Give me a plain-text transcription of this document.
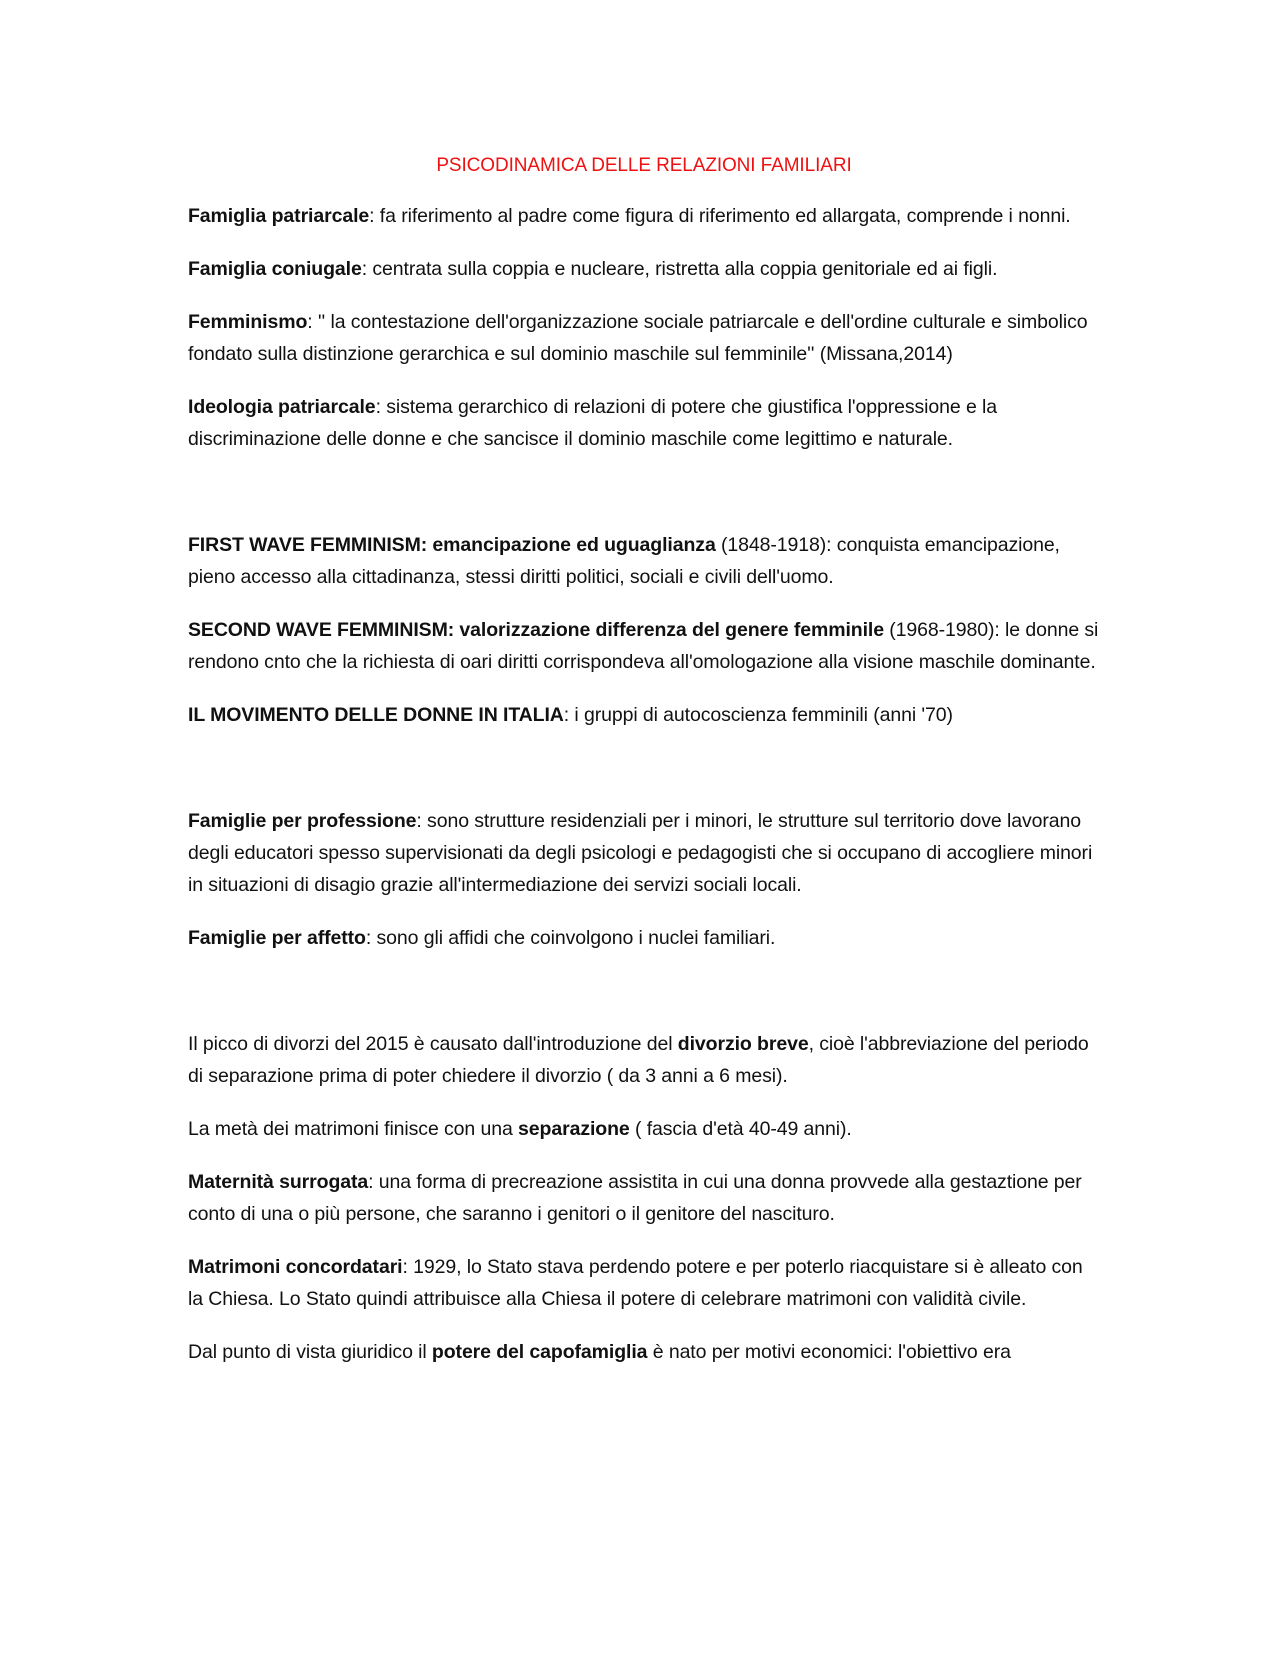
PSICODINAMICA DELLE RELAZIONI FAMILIARI

Famiglia patriarcale: fa riferimento al padre come figura di riferimento ed allargata, comprende i nonni.

Famiglia coniugale: centrata sulla coppia e nucleare, ristretta alla coppia genitoriale ed ai figli.

Femminismo: '' la contestazione dell'organizzazione sociale patriarcale e dell'ordine culturale e simbolico fondato sulla distinzione gerarchica e sul dominio maschile sul femminile'' (Missana,2014)

Ideologia patriarcale: sistema gerarchico di relazioni di potere che giustifica l'oppressione e la discriminazione delle donne e che sancisce il dominio maschile come legittimo e naturale.

FIRST WAVE FEMMINISM: emancipazione ed uguaglianza (1848-1918): conquista emancipazione, pieno accesso alla cittadinanza, stessi diritti politici, sociali e civili dell'uomo.

SECOND WAVE FEMMINISM: valorizzazione differenza del genere femminile (1968-1980): le donne si rendono cnto che la richiesta di oari diritti corrispondeva all'omologazione alla visione maschile dominante.

IL MOVIMENTO DELLE DONNE IN ITALIA: i gruppi di autocoscienza femminili (anni '70)

Famiglie per professione: sono strutture residenziali per i minori, le strutture sul territorio dove lavorano degli educatori spesso supervisionati da degli psicologi e pedagogisti che si occupano di accogliere minori in situazioni di disagio grazie all'intermediazione dei servizi sociali locali.

Famiglie per affetto: sono gli affidi che coinvolgono i nuclei familiari.

Il picco di divorzi del 2015 è causato dall'introduzione del divorzio breve, cioè l'abbreviazione del periodo di separazione prima di poter chiedere il divorzio ( da 3 anni a 6 mesi).

La metà dei matrimoni finisce con una separazione ( fascia d'età 40-49 anni).

Maternità surrogata: una forma di precreazione assistita in cui una donna provvede alla gestaztione per conto di una o più persone, che saranno i genitori o il genitore del nascituro.

Matrimoni concordatari: 1929, lo Stato stava perdendo potere e per poterlo riacquistare si è alleato con la Chiesa. Lo Stato quindi attribuisce alla Chiesa il potere di celebrare matrimoni con validità civile.

Dal punto di vista giuridico il potere del capofamiglia è nato per motivi economici: l'obiettivo era
